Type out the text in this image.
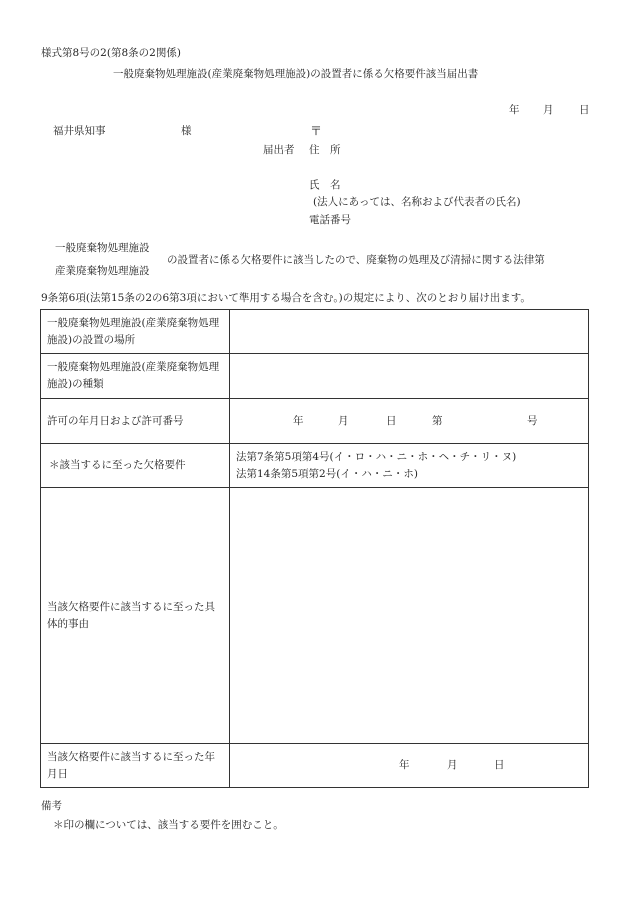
様式第8号の2(第8条の2関係)
一般廃棄物処理施設(産業廃棄物処理施設)の設置者に係る欠格要件該当届出書
年 月 日
福井県知事	様	〒
届出者 住　所
氏　名
(法人にあっては、名称および代表者の氏名)
電話番号
一般廃棄物処理施設
産業廃棄物処理施設
の設置者に係る欠格要件に該当したので、廃棄物の処理及び清掃に関する法律第
9条第6項(法第15条の2の6第3項において準用する場合を含む。)の規定により、次のとおり届け出ます。
一般廃棄物処理施設(産業廃棄物処理施設)の設置の場所	
一般廃棄物処理施設(産業廃棄物処理施設)の種類	
許可の年月日および許可番号	年 月 日 第 号

＊該当するに至った欠格要件	法第7条第5項第4号(イ・ロ・ハ・ニ・ホ・ヘ・チ・リ・ヌ)
法第14条第5項第2号(イ・ハ・ニ・ホ)

当該欠格要件に該当するに至った具体的事由	
当該欠格要件に該当するに至った年月日	年 月 日
備考
＊印の欄については、該当する要件を囲むこと。
